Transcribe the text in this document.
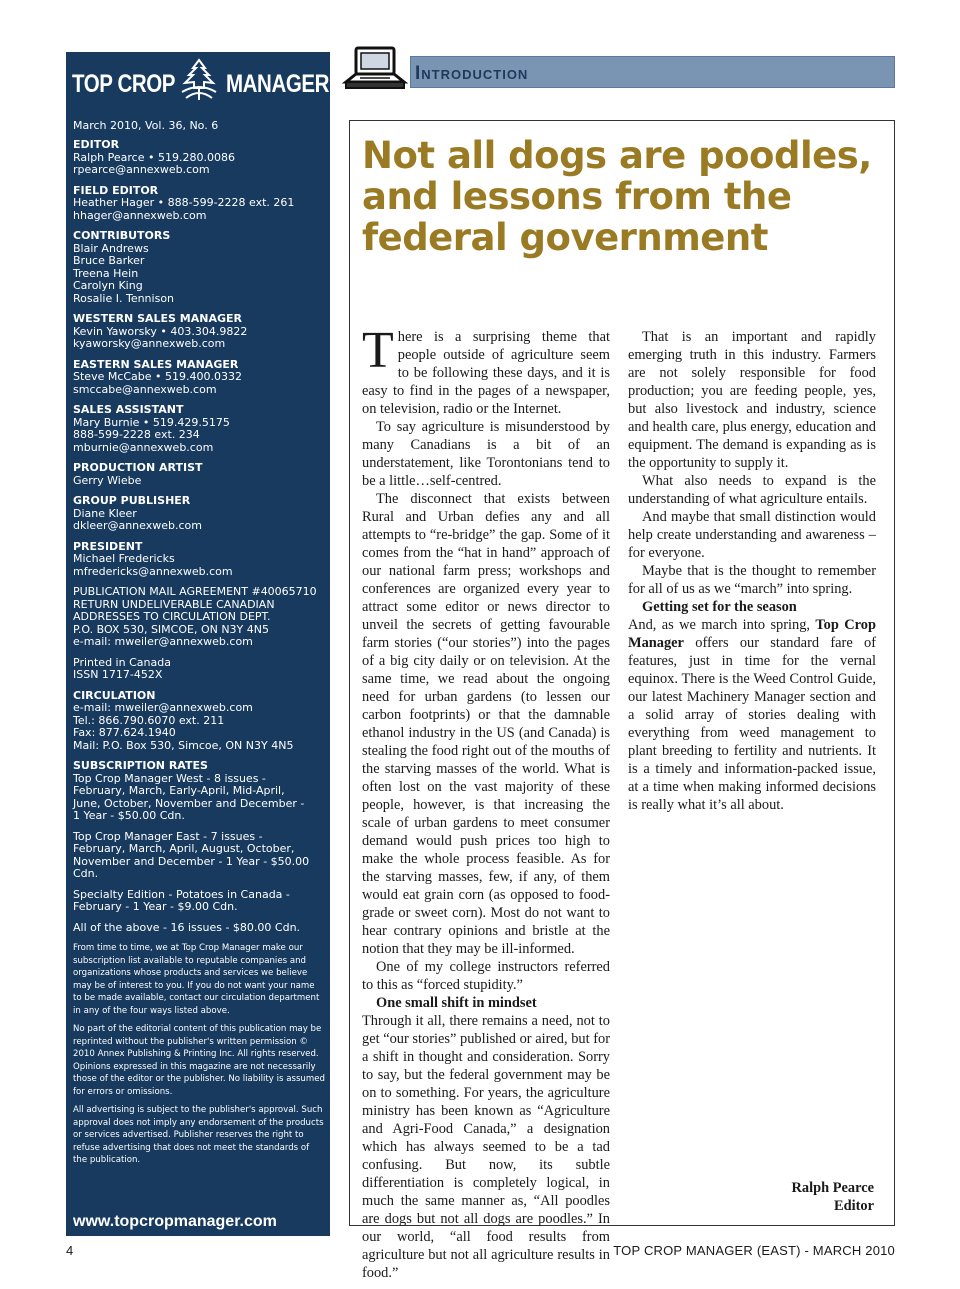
TOP CROP MANAGER
March 2010, Vol. 36, No. 6
EDITOR
Ralph Pearce • 519.280.0086
rpearce@annexweb.com
FIELD EDITOR
Heather Hager • 888-599-2228 ext. 261
hhager@annexweb.com
CONTRIBUTORS
Blair Andrews
Bruce Barker
Treena Hein
Carolyn King
Rosalie I. Tennison
WESTERN SALES MANAGER
Kevin Yaworsky • 403.304.9822
kyaworsky@annexweb.com
EASTERN SALES MANAGER
Steve McCabe • 519.400.0332
smccabe@annexweb.com
SALES ASSISTANT
Mary Burnie • 519.429.5175
888-599-2228 ext. 234
mburnie@annexweb.com
PRODUCTION ARTIST
Gerry Wiebe
GROUP PUBLISHER
Diane Kleer
dkleer@annexweb.com
PRESIDENT
Michael Fredericks
mfredericks@annexweb.com
PUBLICATION MAIL AGREEMENT #40065710
RETURN UNDELIVERABLE CANADIAN
ADDRESSES TO CIRCULATION DEPT.
P.O. BOX 530, SIMCOE, ON N3Y 4N5
e-mail: mweiler@annexweb.com
Printed in Canada
ISSN 1717-452X
CIRCULATION
e-mail: mweiler@annexweb.com
Tel.: 866.790.6070 ext. 211
Fax: 877.624.1940
Mail: P.O. Box 530, Simcoe, ON N3Y 4N5
SUBSCRIPTION RATES
Top Crop Manager West - 8 issues -
February, March, Early-April, Mid-April,
June, October, November and December -
1 Year - $50.00 Cdn.
Top Crop Manager East - 7 issues -
February, March, April, August, October,
November and December - 1 Year - $50.00
Cdn.
Specialty Edition - Potatoes in Canada -
February - 1 Year - $9.00 Cdn.
All of the above - 16 issues - $80.00 Cdn.
From time to time, we at Top Crop Manager make our subscription list available to reputable companies and organizations whose products and services we believe may be of interest to you. If you do not want your name to be made available, contact our circulation department in any of the four ways listed above.
No part of the editorial content of this publication may be reprinted without the publisher's written permission © 2010 Annex Publishing & Printing Inc. All rights reserved. Opinions expressed in this magazine are not necessarily those of the editor or the publisher. No liability is assumed for errors or omissions.
All advertising is subject to the publisher's approval. Such approval does not imply any endorsement of the products or services advertised. Publisher reserves the right to refuse advertising that does not meet the standards of the publication.
www.topcropmanager.com
Introduction
Not all dogs are poodles, and lessons from the federal government

There is a surprising theme that people outside of agriculture seem to be following these days, and it is easy to find in the pages of a newspaper, on television, radio or the Internet.

To say agriculture is misunderstood by many Canadians is a bit of an understatement, like Torontonians tend to be a little…self-centred.

The disconnect that exists between Rural and Urban defies any and all attempts to “re-bridge” the gap. Some of it comes from the “hat in hand” approach of our national farm press; workshops and conferences are organized every year to attract some editor or news director to unveil the secrets of getting favourable farm stories (“our stories”) into the pages of a big city daily or on television. At the same time, we read about the ongoing need for urban gardens (to lessen our carbon footprints) or that the damnable ethanol industry in the US (and Canada) is stealing the food right out of the mouths of the starving masses of the world. What is often lost on the vast majority of these people, however, is that increasing the scale of urban gardens to meet consumer demand would push prices too high to make the whole process feasible. As for the starving masses, few, if any, of them would eat grain corn (as opposed to food-grade or sweet corn). Most do not want to hear contrary opinions and bristle at the notion that they may be ill-informed.

One of my college instructors referred to this as “forced stupidity.”

One small shift in mindset

Through it all, there remains a need, not to get “our stories” published or aired, but for a shift in thought and consideration. Sorry to say, but the federal government may be on to something. For years, the agriculture ministry has been known as “Agriculture and Agri-Food Canada,” a designation which has always seemed to be a tad confusing. But now, its subtle differentiation is completely logical, in much the same manner as, “All poodles are dogs but not all dogs are poodles.” In our world, “all food results from agriculture but not all agriculture results in food.”

That is an important and rapidly emerging truth in this industry. Farmers are not solely responsible for food production; you are feeding people, yes, but also livestock and industry, science and health care, plus energy, education and equipment. The demand is expanding as is the opportunity to supply it.

What also needs to expand is the understanding of what agriculture entails.

And maybe that small distinction would help create understanding and awareness – for everyone.

Maybe that is the thought to remember for all of us as we “march” into spring.

Getting set for the season

And, as we march into spring, Top Crop Manager offers our standard fare of features, just in time for the vernal equinox. There is the Weed Control Guide, our latest Machinery Manager section and a solid array of stories dealing with everything from weed management to plant breeding to fertility and nutrients. It is a timely and information-packed issue, at a time when making informed decisions is really what it’s all about.

Ralph Pearce
Editor
4	TOP CROP MANAGER (EAST) - MARCH 2010
